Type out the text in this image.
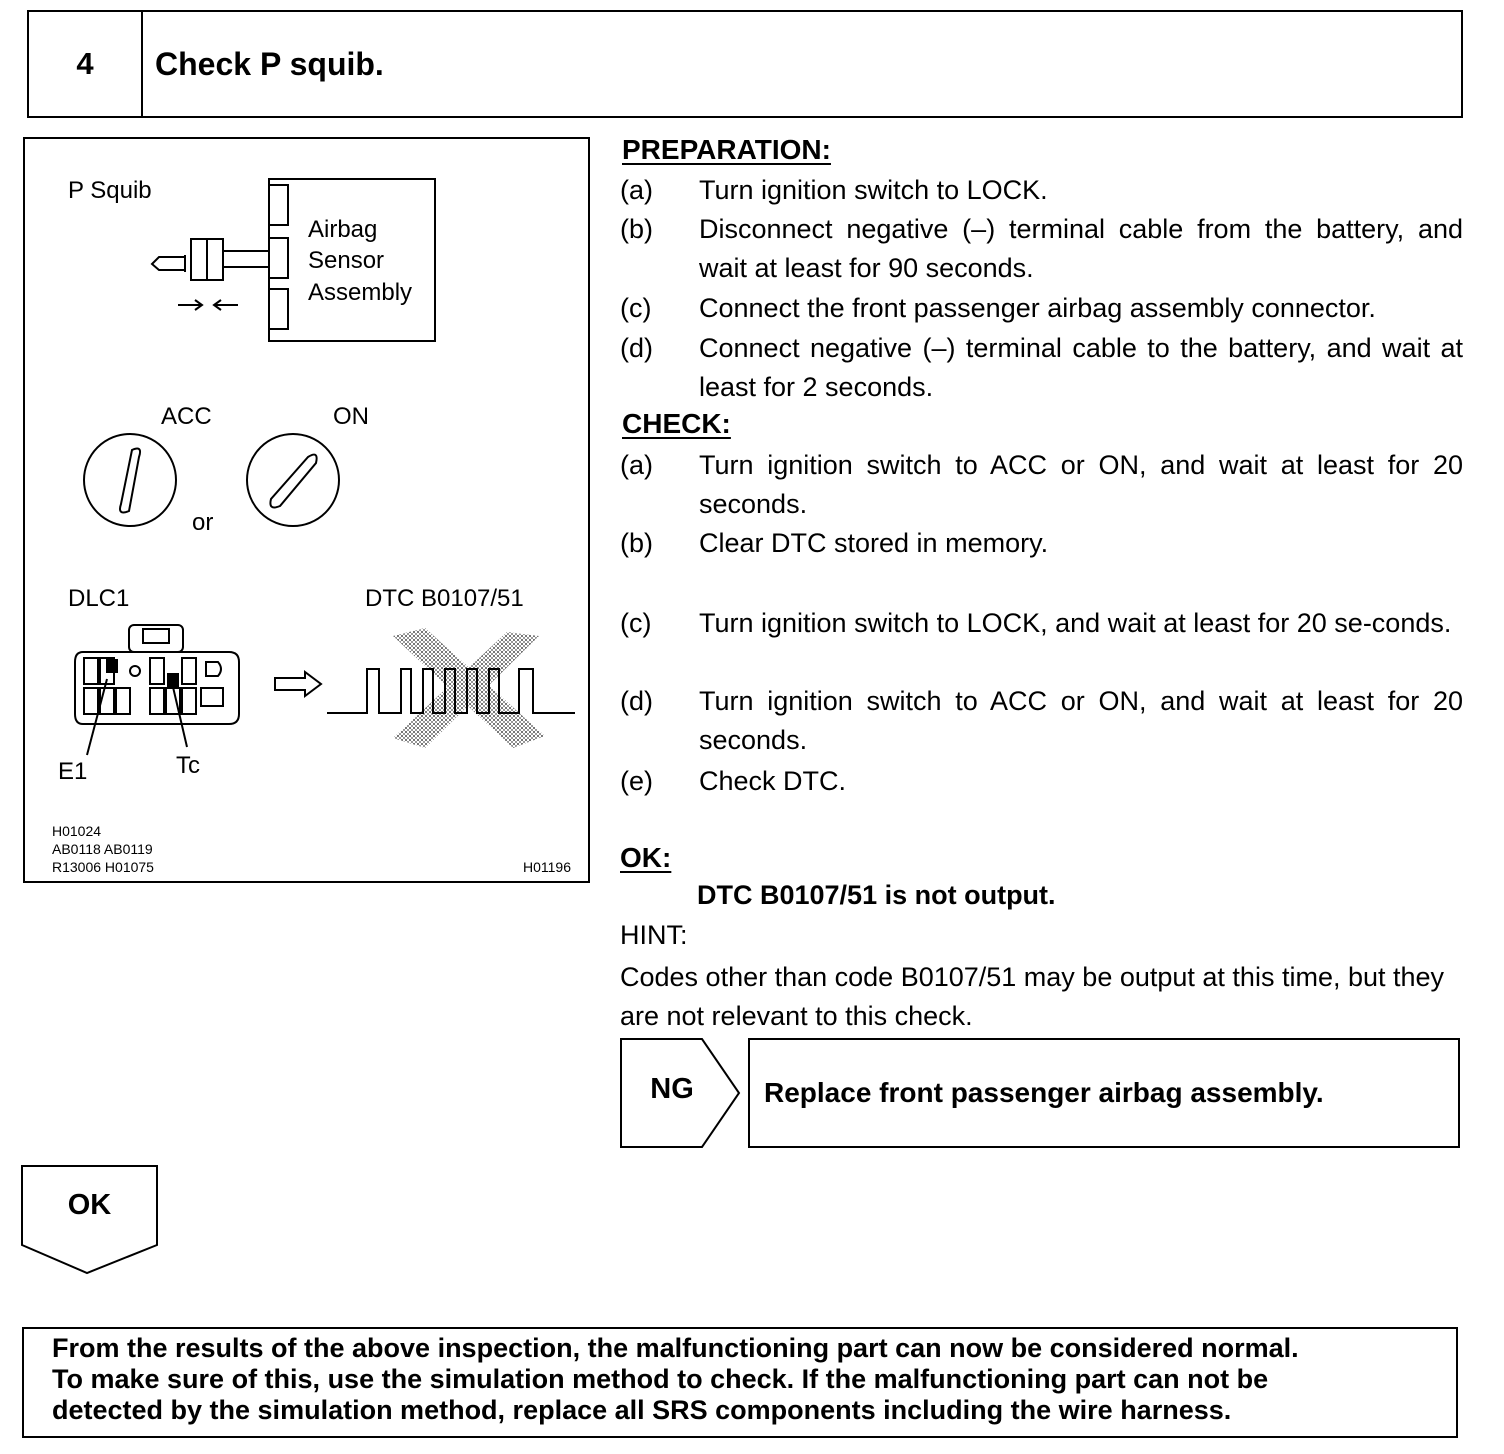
4	Check P squib.
P Squib
Airbag
Sensor
Assembly
ACC	ON
or
DLC1	DTC B0107/51
E1	Tc
H01024
AB0118 AB0119
R13006 H01075	H01196
PREPARATION:
(a) Turn ignition switch to LOCK.
(b) Disconnect negative (–) terminal cable from the battery, and wait at least for 90 seconds.
(c) Connect the front passenger airbag assembly connector.
(d) Connect negative (–) terminal cable to the battery, and wait at least for 2 seconds.
CHECK:
(a) Turn ignition switch to ACC or ON, and wait at least for 20 seconds.
(b) Clear DTC stored in memory.
(c) Turn ignition switch to LOCK, and wait at least for 20 se-conds.
(d) Turn ignition switch to ACC or ON, and wait at least for 20 seconds.
(e) Check DTC.
OK:
DTC B0107/51 is not output.
HINT:
Codes other than code B0107/51 may be output at this time, but they are not relevant to this check.
NG	Replace front passenger airbag assembly.
OK
From the results of the above inspection, the malfunctioning part can now be considered normal.
To make sure of this, use the simulation method to check. If the malfunctioning part can not be
detected by the simulation method, replace all SRS components including the wire harness.
